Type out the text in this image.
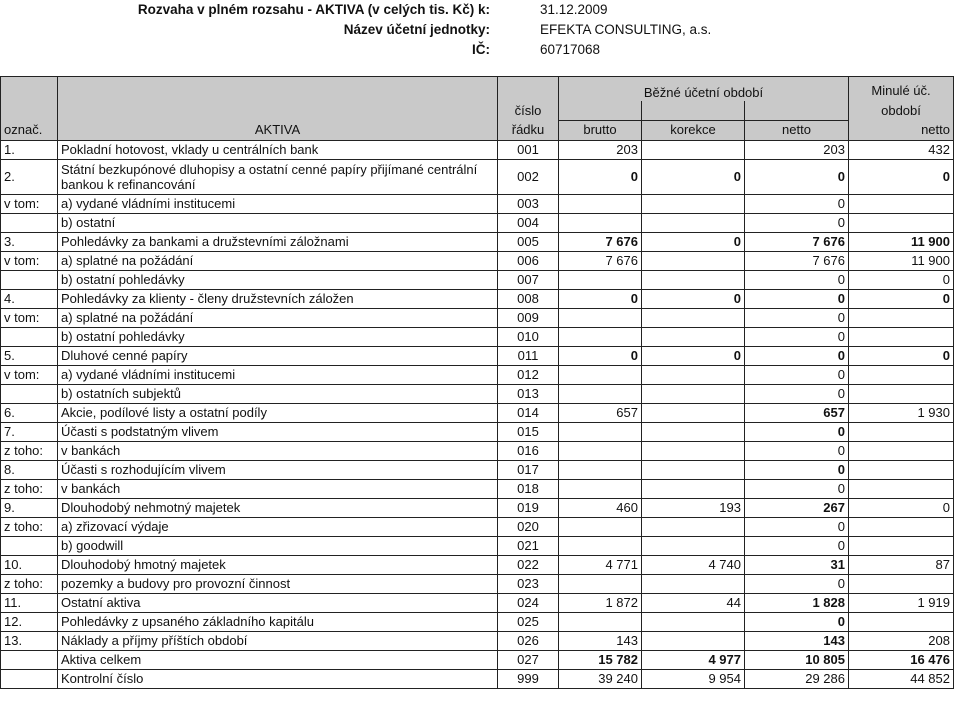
Rozvaha v plném rozsahu - AKTIVA (v celých tis. Kč) k:	31.12.2009
Název účetní jednotky:	EFEKTA CONSULTING, a.s.
IČ:	60717068
			Běžné účetní období			Minulé úč.
		číslo				období
označ.	AKTIVA	řádku	brutto	korekce	netto	netto
1.	Pokladní hotovost, vklady u centrálních bank	001	203		203	432
2.	Státní bezkupónové dluhopisy a ostatní cenné papíry přijímané centrální bankou k refinancování	002	0	0	0	0
v tom:	a) vydané vládními institucemi	003			0	
	b) ostatní	004			0	
3.	Pohledávky za bankami a družstevními záložnami	005	7 676	0	7 676	11 900
v tom:	a) splatné na požádání	006	7 676		7 676	11 900
	b) ostatní pohledávky	007			0	0
4.	Pohledávky za klienty - členy družstevních záložen	008	0	0	0	0
v tom:	a) splatné na požádání	009			0	
	b) ostatní pohledávky	010			0	
5.	Dluhové cenné papíry	011	0	0	0	0
v tom:	a) vydané vládními institucemi	012			0	
	b) ostatních subjektů	013			0	
6.	Akcie, podílové listy a ostatní podíly	014	657		657	1 930
7.	Účasti s podstatným vlivem	015			0	
z toho:	v bankách	016			0	
8.	Účasti s rozhodujícím vlivem	017			0	
z toho:	v bankách	018			0	
9.	Dlouhodobý nehmotný majetek	019	460	193	267	0
z toho:	a) zřizovací výdaje	020			0	
	b) goodwill	021			0	
10.	Dlouhodobý hmotný majetek	022	4 771	4 740	31	87
z toho:	pozemky a budovy pro provozní činnost	023			0	
11.	Ostatní aktiva	024	1 872	44	1 828	1 919
12.	Pohledávky z upsaného základního kapitálu	025			0	
13.	Náklady a příjmy příštích období	026	143		143	208
	Aktiva celkem	027	15 782	4 977	10 805	16 476
	Kontrolní číslo	999	39 240	9 954	29 286	44 852
